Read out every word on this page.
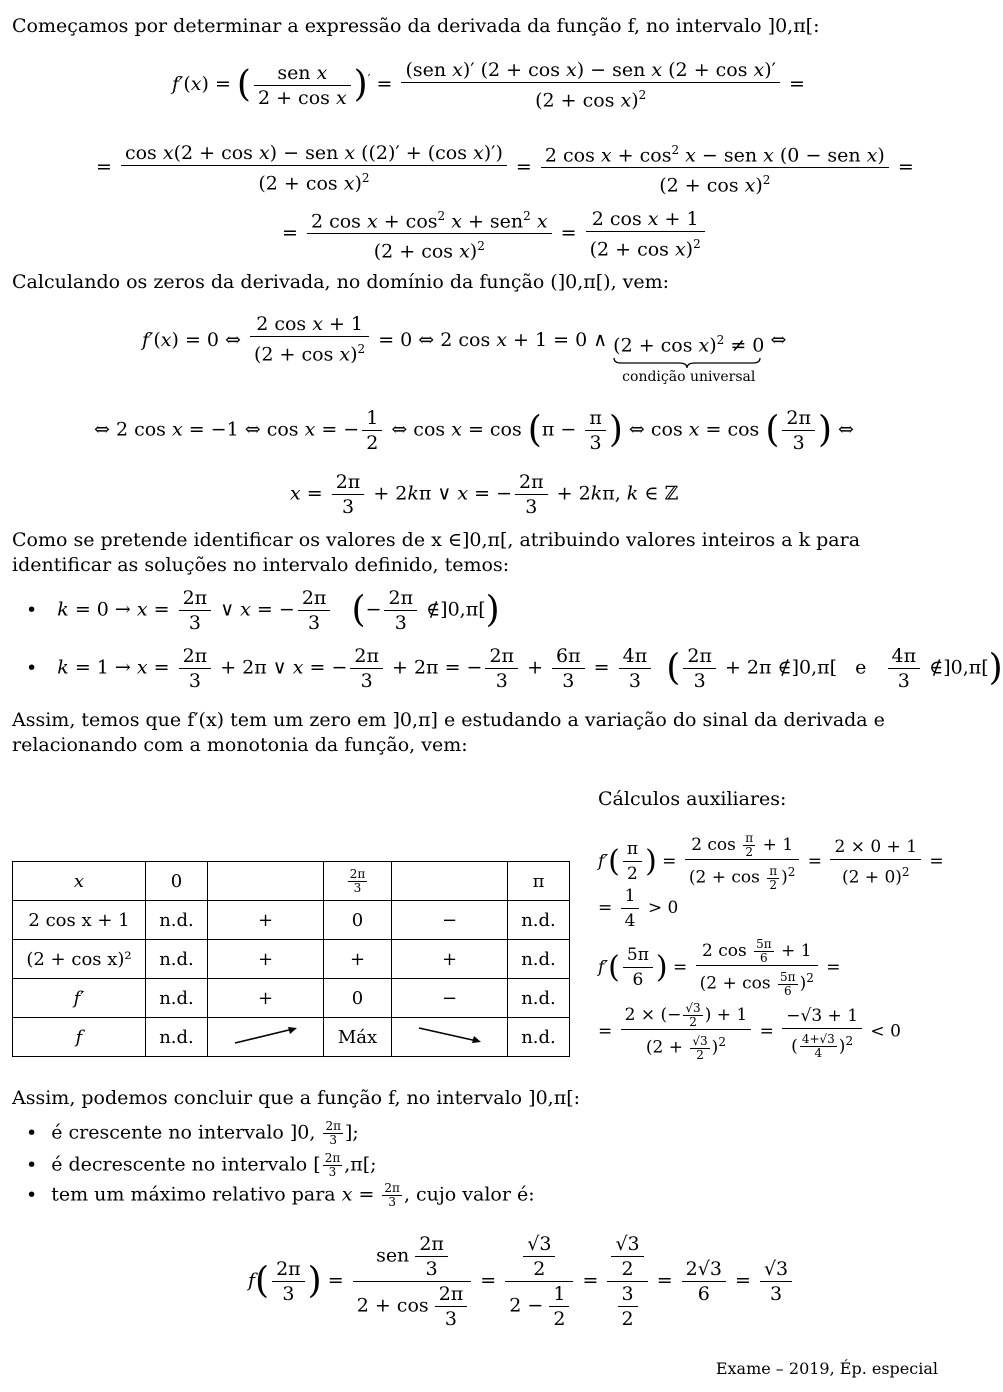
Começamos por determinar a expressão da derivada da função f, no intervalo ]0,π[:
f′(x) = ( $\frac{\text{sen x}}{\text{2 + cos x}} )' = \frac{\text{(sen x)′ (2 + cos x) − sen x (2 + cos x)′}}{(2 + \cos x)^2}$ =
= $\frac{\text{cos x(2 + cos x) − sen x ((2)′ + (cos x)′)}}{(2 + \cos x)^2} = \frac{2 \cos x + \cos^2 x - sen x (0 - sen x)}{(2 + \cos x)^2}$ =
= $\frac{2 \cos x + \cos^2 x + sen^2 x}{(2 + \cos x)^2} = \frac{\text{2 cos x + 1}}{(2 + \cos x)^2}$
Calculando os zeros da derivada, no domínio da função (]0,π[), vem:
f′(x) = 0 ⇔ $\frac{\text{2 cos x + 1}}{(2 + \cos x)^2} = 0$ ⇔ 2 cos x + 1 = 0 ∧ $(2 + \cos x)^2 \ne 0$
condição universal
⇔
⇔ 2 cos x = −1 ⇔ cos x = − $\frac{1}{2}$ ⇔ $\cos x = \cos (\pi - \frac{\pi}{3}$ ) ⇔ cos x = cos ( $\frac{2\pi}{3}$ ) ⇔
$x = \frac{2\pi}{3} + 2k\pi$ ∨ x = − $\frac{2\pi}{3} + 2k\pi$, k ∈ ℤ
Como se pretende identificar os valores de x ∈]0,π[, atribuindo valores inteiros a k para identificar as soluções no intervalo definido, temos:
• $k = 0 \to x = \frac{2\pi}{3}$ ∨ x = − $\frac{2\pi}{3}$ (− $\frac{2\pi}{3}$ ∉]0,π[)
• $k = 1 \to x = \frac{2\pi}{3} + 2\pi$ ∨ x = − $\frac{2\pi}{3} + 2\pi$ = − $\frac{2\pi}{3} + \frac{6\pi}{3} = \frac{4\pi}{3}$ ( $\frac{2\pi}{3} + 2\pi$ ∉]0,π[   e $\frac{4\pi}{3}$ ∉]0,π[)
Assim, temos que f′(x) tem um zero em ]0,π] e estudando a variação do sinal da derivada e relacionando com a monotonia da função, vem:
Cálculos auxiliares:
$f'( \frac{\pi}{2}$ ) = $\frac{2 \cos \frac{\pi}{2} + 1}{(2 + \cos \frac{\pi}{2} )^2} = \frac{2 \times 0 + 1}{(2 + 0)^2}$ =
= $\frac{1}{4} > 0$
$f'( \frac{5\pi}{6}$ ) = $\frac{2 \cos \frac{5\pi}{6} + 1}{(2 + \cos \frac{5\pi}{6} )^2}$ =
= $\frac{2 \times (- \frac{√3}{2} ) + 1}{(2 + \frac{√3}{2} )^2} = \frac{-√3 + 1}{( \frac{4+√3}{4} )^2} < 0$
x	0		$\frac{2\pi}{3}$		π
2 cos x + 1	n.d.	+	0	−	n.d.
(2 + cos x)²	n.d.	+	+	+	n.d.
f′	n.d.	+	0	−	n.d.
f	n.d.		Máx		n.d.
Assim, podemos concluir que a função f, no intervalo ]0,π[:
• é crescente no intervalo ]0, $\frac{2\pi}{3}$ ];
• é decrescente no intervalo [ $\frac{2\pi}{3} ,\pi$[;
• tem um máximo relativo para $x = \frac{2\pi}{3}$ , cujo valor é:
$f( \frac{2\pi}{3}$ ) = $\frac{sen \frac{2\pi}{3}}{2 + \cos \frac{2\pi}{3}} = \frac{\frac{√3}{2}}{2 - \frac{1}{2}} = \frac{\frac{√3}{2}}{\frac{3}{2}} = \frac{2√3}{6} = \frac{√3}{3}$
Exame – 2019, Ép. especial
